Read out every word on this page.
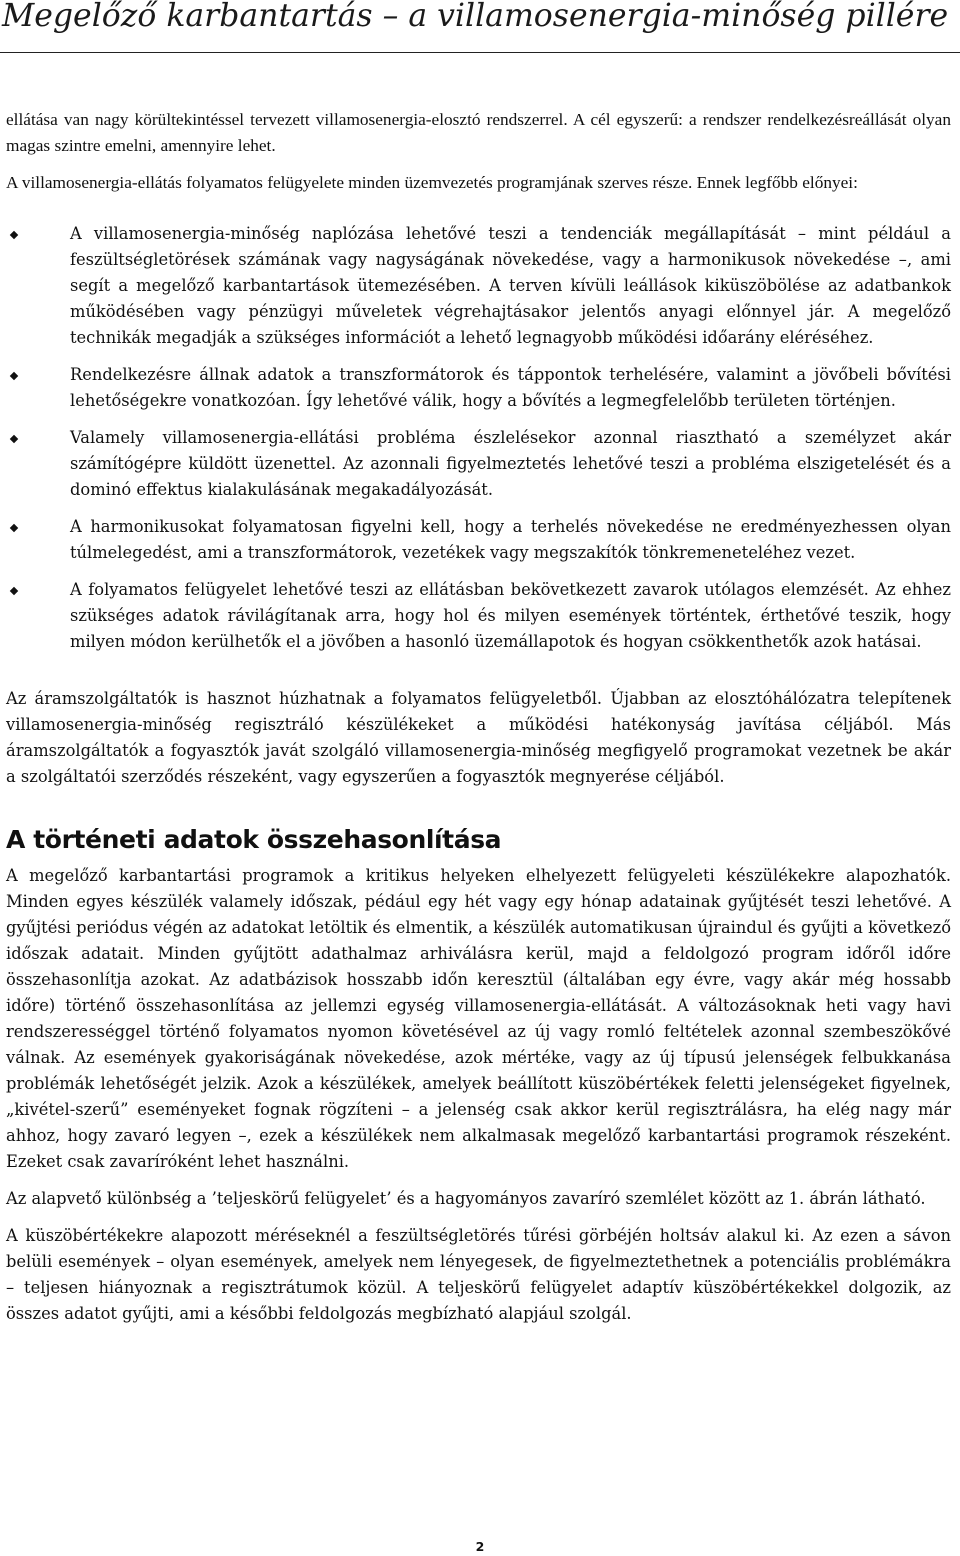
Megelőző karbantartás – a villamosenergia-minőség pillére

ellátása van nagy körültekintéssel tervezett villamosenergia-elosztó rendszerrel. A cél egyszerű: a rendszer rendelkezésreállását olyan magas szintre emelni, amennyire lehet.

A villamosenergia-ellátás folyamatos felügyelete minden üzemvezetés programjának szerves része. Ennek legfőbb előnyei:

A villamosenergia-minőség naplózása lehetővé teszi a tendenciák megállapítását – mint például a feszültségletörések számának vagy nagyságának növekedése, vagy a harmonikusok növekedése –, ami segít a megelőző karbantartások ütemezésében. A terven kívüli leállások kiküszöbölése az adatbankok működésében vagy pénzügyi műveletek végrehajtásakor jelentős anyagi előnnyel jár. A megelőző technikák megadják a szükséges információt a lehető legnagyobb működési időarány eléréséhez.
Rendelkezésre állnak adatok a transzformátorok és táppontok terhelésére, valamint a jövőbeli bővítési lehetőségekre vonatkozóan. Így lehetővé válik, hogy a bővítés a legmegfelelőbb területen történjen.
Valamely villamosenergia-ellátási probléma észlelésekor azonnal riasztható a személyzet akár számítógépre küldött üzenettel. Az azonnali figyelmeztetés lehetővé teszi a probléma elszigetelését és a dominó effektus kialakulásának megakadályozását.
A harmonikusokat folyamatosan figyelni kell, hogy a terhelés növekedése ne eredményezhessen olyan túlmelegedést, ami a transzformátorok, vezetékek vagy megszakítók tönkremeneteléhez vezet.
A folyamatos felügyelet lehetővé teszi az ellátásban bekövetkezett zavarok utólagos elemzését. Az ehhez szükséges adatok rávilágítanak arra, hogy hol és milyen események történtek, érthetővé teszik, hogy milyen módon kerülhetők el a jövőben a hasonló üzemállapotok és hogyan csökkenthetők azok hatásai.

Az áramszolgáltatók is hasznot húzhatnak a folyamatos felügyeletből. Újabban az elosztóhálózatra telepítenek villamosenergia-minőség regisztráló készülékeket a működési hatékonyság javítása céljából. Más áramszolgáltatók a fogyasztók javát szolgáló villamosenergia-minőség megfigyelő programokat vezetnek be akár a szolgáltatói szerződés részeként, vagy egyszerűen a fogyasztók megnyerése céljából.

A történeti adatok összehasonlítása

A megelőző karbantartási programok a kritikus helyeken elhelyezett felügyeleti készülékekre alapozhatók. Minden egyes készülék valamely időszak, pédául egy hét vagy egy hónap adatainak gyűjtését teszi lehetővé. A gyűjtési periódus végén az adatokat letöltik és elmentik, a készülék automatikusan újraindul és gyűjti a következő időszak adatait. Minden gyűjtött adathalmaz arhiválásra kerül, majd a feldolgozó program időről időre összehasonlítja azokat. Az adatbázisok hosszabb időn keresztül (általában egy évre, vagy akár még hossabb időre) történő összehasonlítása az jellemzi egység villamosenergia-ellátását. A változásoknak heti vagy havi rendszerességgel történő folyamatos nyomon követésével az új vagy romló feltételek azonnal szembeszökővé válnak. Az események gyakoriságának növekedése, azok mértéke, vagy az új típusú jelenségek felbukkanása problémák lehetőségét jelzik. Azok a készülékek, amelyek beállított küszöbértékek feletti jelenségeket figyelnek, „kivétel-szerű” eseményeket fognak rögzíteni – a jelenség csak akkor kerül regisztrálásra, ha elég nagy már ahhoz, hogy zavaró legyen –, ezek a készülékek nem alkalmasak megelőző karbantartási programok részeként. Ezeket csak zavaríróként lehet használni.

Az alapvető különbség a ’teljeskörű felügyelet’ és a hagyományos zavaríró szemlélet között az 1. ábrán látható.

A küszöbértékekre alapozott méréseknél a feszültségletörés tűrési görbéjén holtsáv alakul ki. Az ezen a sávon belüli események – olyan események, amelyek nem lényegesek, de figyelmeztethetnek a potenciális problémákra – teljesen hiányoznak a regisztrátumok közül. A teljeskörű felügyelet adaptív küszöbértékekkel dolgozik, az összes adatot gyűjti, ami a későbbi feldolgozás megbízható alapjául szolgál.

2
